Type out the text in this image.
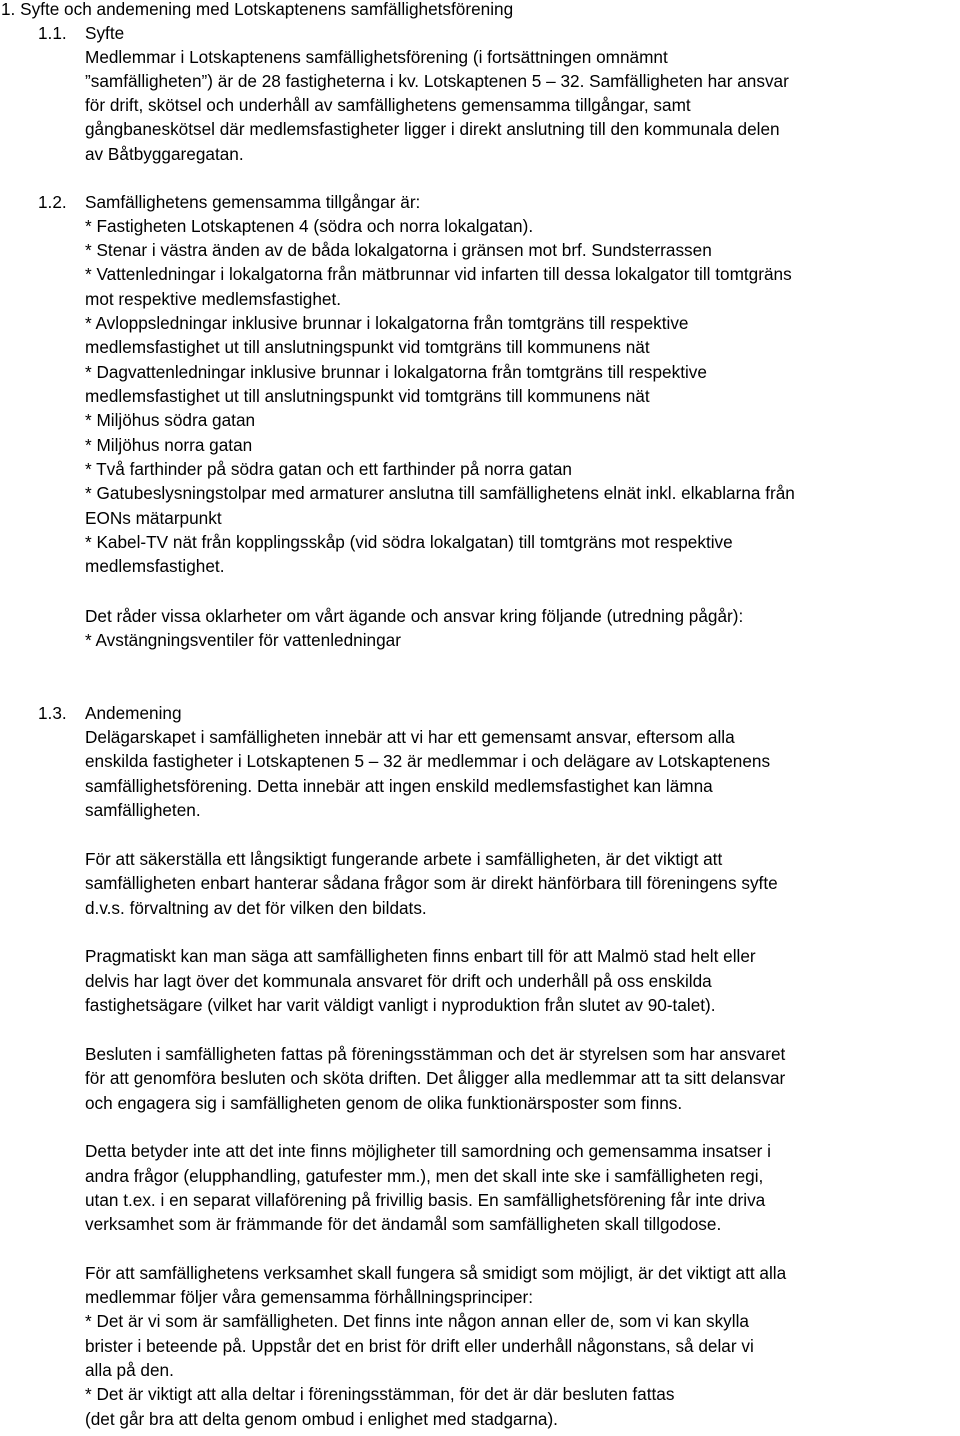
1. Syfte och andemening med Lotskaptenens samfällighetsförening
1.1. Syfte
Medlemmar i Lotskaptenens samfällighetsförening (i fortsättningen omnämnt
”samfälligheten”) är de 28 fastigheterna i kv. Lotskaptenen 5 – 32. Samfälligheten har ansvar
för drift, skötsel och underhåll av samfällighetens gemensamma tillgångar, samt
gångbaneskötsel där medlemsfastigheter ligger i direkt anslutning till den kommunala delen
av Båtbyggaregatan.
1.2. Samfällighetens gemensamma tillgångar är:
* Fastigheten Lotskaptenen 4 (södra och norra lokalgatan).
* Stenar i västra änden av de båda lokalgatorna i gränsen mot brf. Sundsterrassen
* Vattenledningar i lokalgatorna från mätbrunnar vid infarten till dessa lokalgator till tomtgräns
mot respektive medlemsfastighet.
* Avloppsledningar inklusive brunnar i lokalgatorna från tomtgräns till respektive
medlemsfastighet ut till anslutningspunkt vid tomtgräns till kommunens nät
* Dagvattenledningar inklusive brunnar i lokalgatorna från tomtgräns till respektive
medlemsfastighet ut till anslutningspunkt vid tomtgräns till kommunens nät
* Miljöhus södra gatan
* Miljöhus norra gatan
* Två farthinder på södra gatan och ett farthinder på norra gatan
* Gatubeslysningstolpar med armaturer anslutna till samfällighetens elnät inkl. elkablarna från
EONs mätarpunkt
* Kabel-TV nät från kopplingsskåp (vid södra lokalgatan) till tomtgräns mot respektive
medlemsfastighet.
Det råder vissa oklarheter om vårt ägande och ansvar kring följande (utredning pågår):
* Avstängningsventiler för vattenledningar
1.3. Andemening
Delägarskapet i samfälligheten innebär att vi har ett gemensamt ansvar, eftersom alla
enskilda fastigheter i Lotskaptenen 5 – 32 är medlemmar i och delägare av Lotskaptenens
samfällighetsförening. Detta innebär att ingen enskild medlemsfastighet kan lämna
samfälligheten.
För att säkerställa ett långsiktigt fungerande arbete i samfälligheten, är det viktigt att
samfälligheten enbart hanterar sådana frågor som är direkt hänförbara till föreningens syfte
d.v.s. förvaltning av det för vilken den bildats.
Pragmatiskt kan man säga att samfälligheten finns enbart till för att Malmö stad helt eller
delvis har lagt över det kommunala ansvaret för drift och underhåll på oss enskilda
fastighetsägare (vilket har varit väldigt vanligt i nyproduktion från slutet av 90-talet).
Besluten i samfälligheten fattas på föreningsstämman och det är styrelsen som har ansvaret
för att genomföra besluten och sköta driften. Det åligger alla medlemmar att ta sitt delansvar
och engagera sig i samfälligheten genom de olika funktionärsposter som finns.
Detta betyder inte att det inte finns möjligheter till samordning och gemensamma insatser i
andra frågor (elupphandling, gatufester mm.), men det skall inte ske i samfälligheten regi,
utan t.ex. i en separat villaförening på frivillig basis. En samfällighetsförening får inte driva
verksamhet som är främmande för det ändamål som samfälligheten skall tillgodose.
För att samfällighetens verksamhet skall fungera så smidigt som möjligt, är det viktigt att alla
medlemmar följer våra gemensamma förhållningsprinciper:
* Det är vi som är samfälligheten. Det finns inte någon annan eller de, som vi kan skylla
brister i beteende på. Uppstår det en brist för drift eller underhåll någonstans, så delar vi
alla på den.
* Det är viktigt att alla deltar i föreningsstämman, för det är där besluten fattas
(det går bra att delta genom ombud i enlighet med stadgarna).
